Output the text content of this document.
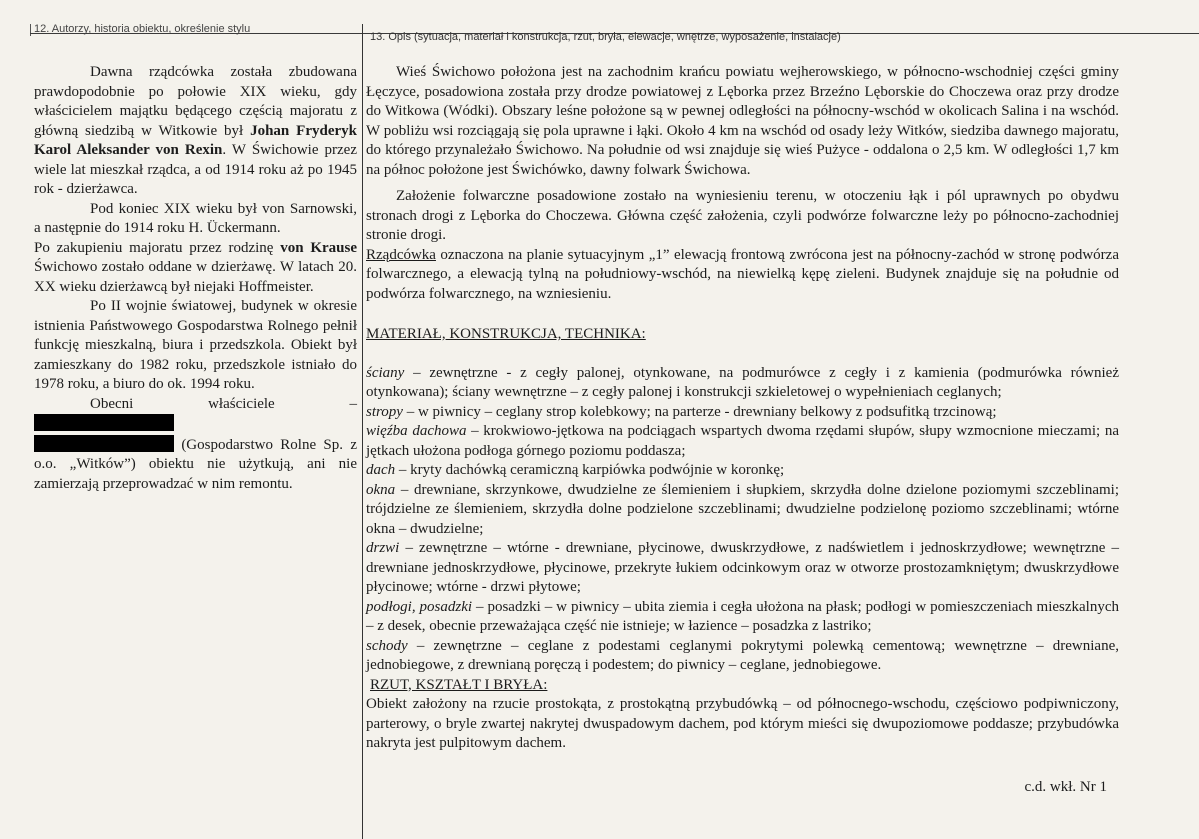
12. Autorzy, historia obiektu, określenie stylu
13. Opis (sytuacja, materiał i konstrukcja, rzut, bryła, elewacje, wnętrze, wyposażenie, instalacje)

Dawna rządcówka została zbudowana prawdopodobnie po połowie XIX wieku, gdy właścicielem majątku będącego częścią majoratu z główną siedzibą w Witkowie był Johan Fryderyk Karol Aleksander von Rexin. W Świchowie przez wiele lat mieszkał rządca, a od 1914 roku aż po 1945 rok - dzierżawca.

Pod koniec XIX wieku był von Sarnowski, a następnie do 1914 roku H. Ückermann.

Po zakupieniu majoratu przez rodzinę von Krause Świchowo zostało oddane w dzierżawę. W latach 20. XX wieku dzierżawcą był niejaki Hoffmeister.

Po II wojnie światowej, budynek w okresie istnienia Państwowego Gospodarstwa Rolnego pełnił funkcję mieszkalną, biura i przedszkola. Obiekt był zamieszkany do 1982 roku, przedszkole istniało do 1978 roku, a biuro do ok. 1994 roku.

Obecni właściciele –
(Gospodarstwo Rolne Sp. z o.o. „Witków”) obiektu nie użytkują, ani nie zamierzają przeprowadzać w nim remontu.

Wieś Świchowo położona jest na zachodnim krańcu powiatu wejherowskiego, w północno-wschodniej części gminy Łęczyce, posadowiona została przy drodze powiatowej z Lęborka przez Brzeźno Lęborskie do Choczewa oraz przy drodze do Witkowa (Wódki). Obszary leśne położone są w pewnej odległości na północny-wschód w okolicach Salina i na wschód. W pobliżu wsi rozciągają się pola uprawne i łąki. Około 4 km na wschód od osady leży Witków, siedziba dawnego majoratu, do którego przynależało Świchowo. Na południe od wsi znajduje się wieś Pużyce - oddalona o 2,5 km. W odległości 1,7 km na północ położone jest Świchówko, dawny folwark Świchowa.

Założenie folwarczne posadowione zostało na wyniesieniu terenu, w otoczeniu łąk i pól uprawnych po obydwu stronach drogi z Lęborka do Choczewa. Główna część założenia, czyli podwórze folwarczne leży po północno-zachodniej stronie drogi.

Rządcówka oznaczona na planie sytuacyjnym „1” elewacją frontową zwrócona jest na północny-zachód w stronę podwórza folwarcznego, a elewacją tylną na południowy-wschód, na niewielką kępę zieleni. Budynek znajduje się na południe od podwórza folwarcznego, na wzniesieniu.

MATERIAŁ, KONSTRUKCJA, TECHNIKA:

ściany – zewnętrzne - z cegły palonej, otynkowane, na podmurówce z cegły i z kamienia (podmurówka również otynkowana); ściany wewnętrzne – z cegły palonej i konstrukcji szkieletowej o wypełnieniach ceglanych;

stropy – w piwnicy – ceglany strop kolebkowy; na parterze - drewniany belkowy z podsufitką trzcinową;

więźba dachowa – krokwiowo-jętkowa na podciągach wspartych dwoma rzędami słupów, słupy wzmocnione mieczami; na jętkach ułożona podłoga górnego poziomu poddasza;

dach – kryty dachówką ceramiczną karpiówka podwójnie w koronkę;

okna – drewniane, skrzynkowe, dwudzielne ze ślemieniem i słupkiem, skrzydła dolne dzielone poziomymi szczeblinami; trójdzielne ze ślemieniem, skrzydła dolne podzielone szczeblinami; dwudzielne podzielonę poziomo szczeblinami; wtórne okna – dwudzielne;

drzwi – zewnętrzne – wtórne - drewniane, płycinowe, dwuskrzydłowe, z nadświetlem i jednoskrzydłowe; wewnętrzne – drewniane jednoskrzydłowe, płycinowe, przekryte łukiem odcinkowym oraz w otworze prostozamkniętym; dwuskrzydłowe płycinowe; wtórne - drzwi płytowe;

podłogi, posadzki – posadzki – w piwnicy – ubita ziemia i cegła ułożona na płask; podłogi w pomieszczeniach mieszkalnych – z desek, obecnie przeważająca część nie istnieje; w łazience – posadzka z lastriko;

schody – zewnętrzne – ceglane z podestami ceglanymi pokrytymi polewką cementową; wewnętrzne – drewniane, jednobiegowe, z drewnianą poręczą i podestem; do piwnicy – ceglane, jednobiegowe.

RZUT, KSZTAŁT I BRYŁA:

Obiekt założony na rzucie prostokąta, z prostokątną przybudówką – od północnego-wschodu, częściowo podpiwniczony, parterowy, o bryle zwartej nakrytej dwuspadowym dachem, pod którym mieści się dwupoziomowe poddasze; przybudówka nakryta jest pulpitowym dachem.

c.d. wkł. Nr 1
